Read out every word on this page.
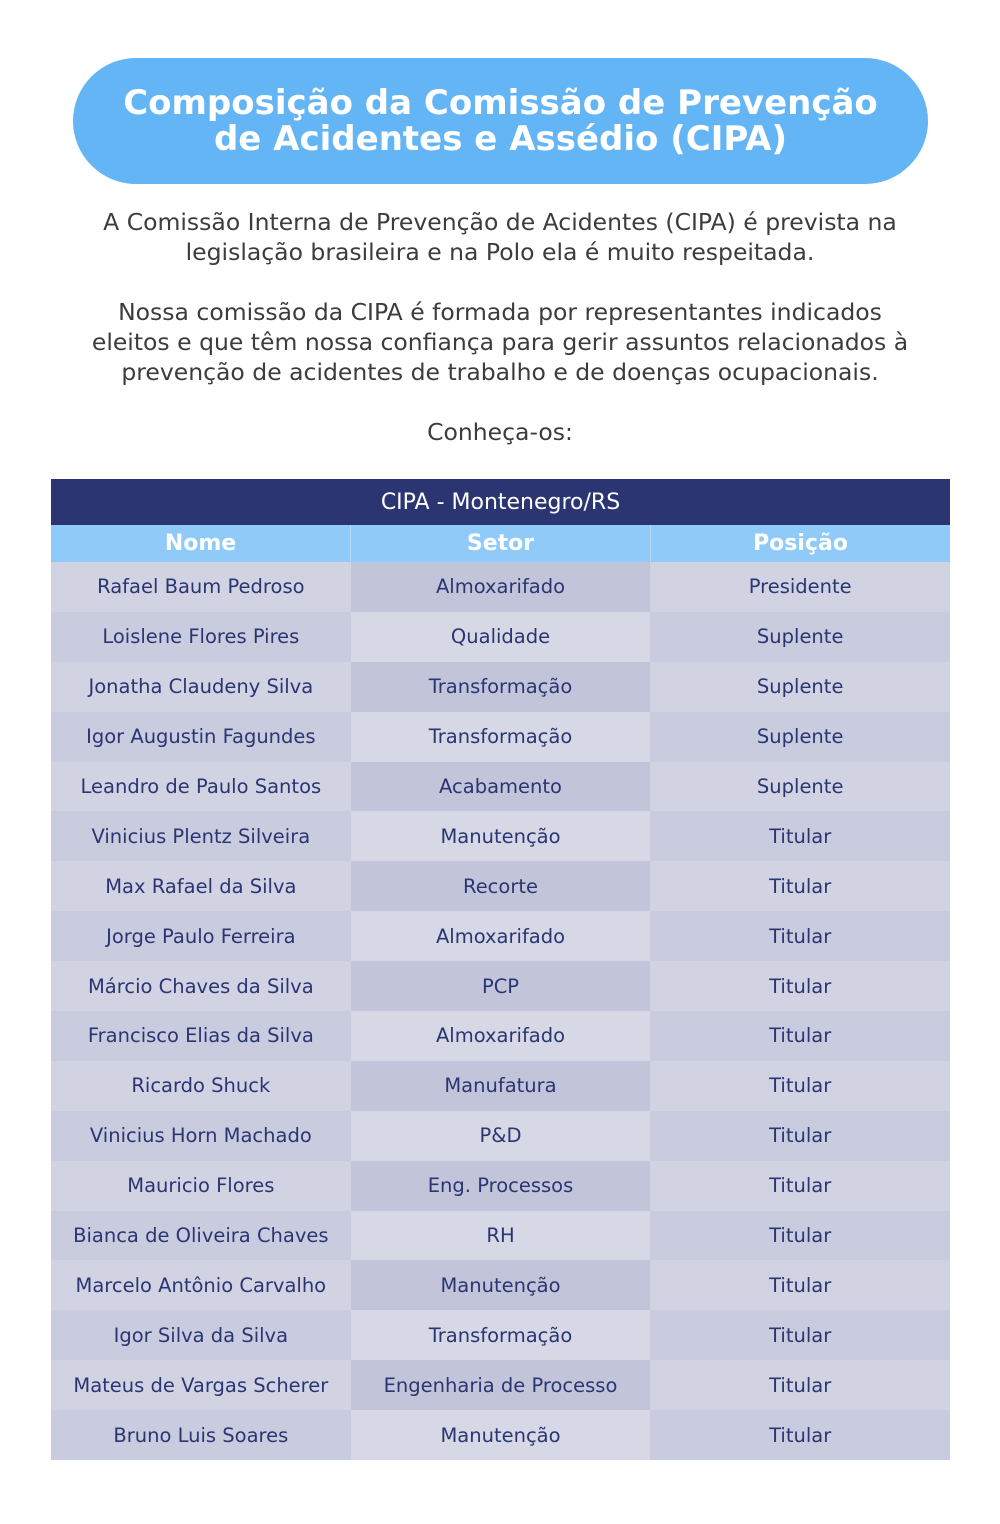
Composição da Comissão de Prevenção
de Acidentes e Assédio (CIPA)

A Comissão Interna de Prevenção de Acidentes (CIPA) é prevista na
legislação brasileira e na Polo ela é muito respeitada.

Nossa comissão da CIPA é formada por representantes indicados
eleitos e que têm nossa confiança para gerir assuntos relacionados à
prevenção de acidentes de trabalho e de doenças ocupacionais.

Conheça-os:

CIPA - Montenegro/RS
Nome	Setor	Posição
Rafael Baum Pedroso	Almoxarifado	Presidente
Loislene Flores Pires	Qualidade	Suplente
Jonatha Claudeny Silva	Transformação	Suplente
Igor Augustin Fagundes	Transformação	Suplente
Leandro de Paulo Santos	Acabamento	Suplente
Vinicius Plentz Silveira	Manutenção	Titular
Max Rafael da Silva	Recorte	Titular
Jorge Paulo Ferreira	Almoxarifado	Titular
Márcio Chaves da Silva	PCP	Titular
Francisco Elias da Silva	Almoxarifado	Titular
Ricardo Shuck	Manufatura	Titular
Vinicius Horn Machado	P&D	Titular
Mauricio Flores	Eng. Processos	Titular
Bianca de Oliveira Chaves	RH	Titular
Marcelo Antônio Carvalho	Manutenção	Titular
Igor Silva da Silva	Transformação	Titular
Mateus de Vargas Scherer	Engenharia de Processo	Titular
Bruno Luis Soares	Manutenção	Titular
